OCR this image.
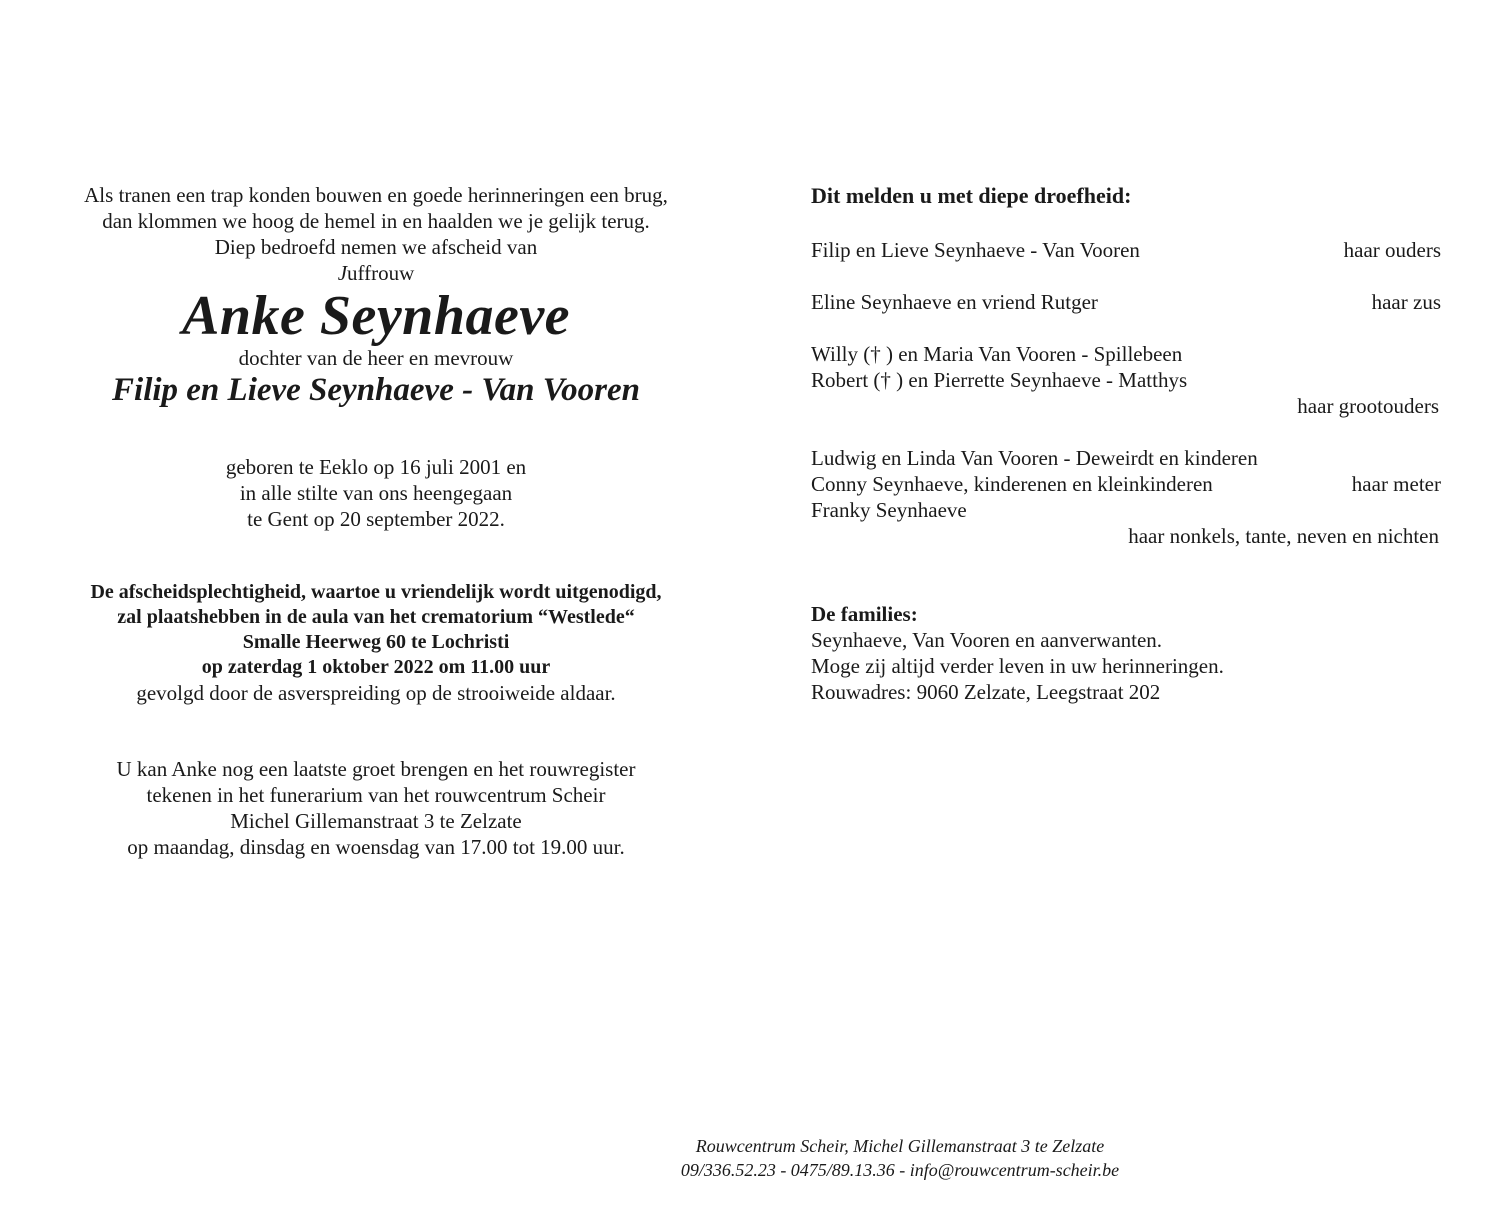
Als tranen een trap konden bouwen en goede herinneringen een brug,

dan klommen we hoog de hemel in en haalden we je gelijk terug.

Diep bedroefd nemen we afscheid van

Juffrouw

Anke Seynhaeve

dochter van de heer en mevrouw

Filip en Lieve Seynhaeve - Van Vooren

geboren te Eeklo op 16 juli 2001 en

in alle stilte van ons heengegaan

te Gent op 20 september 2022.

De afscheidsplechtigheid, waartoe u vriendelijk wordt uitgenodigd,

zal plaatshebben in de aula van het crematorium “Westlede“

Smalle Heerweg 60 te Lochristi

op zaterdag 1 oktober 2022 om 11.00 uur

gevolgd door de asverspreiding op de strooiweide aldaar.

U kan Anke nog een laatste groet brengen en het rouwregister

tekenen in het funerarium van het rouwcentrum Scheir

Michel Gillemanstraat 3 te Zelzate

op maandag, dinsdag en woensdag van 17.00 tot 19.00 uur.

Dit melden u met diepe droefheid:

Filip en Lieve Seynhaeve - Van Vooren	haar ouders
Eline Seynhaeve en vriend Rutger	haar zus

Willy († ) en Maria Van Vooren - Spillebeen

Robert († ) en Pierrette Seynhaeve - Matthys

haar grootouders

Ludwig en Linda Van Vooren - Deweirdt en kinderen

Conny Seynhaeve, kinderenen en kleinkinderen	haar meter

Franky Seynhaeve

haar nonkels, tante, neven en nichten

De families:

Seynhaeve, Van Vooren en aanverwanten.

Moge zij altijd verder leven in uw herinneringen.

Rouwadres: 9060 Zelzate, Leegstraat 202

Rouwcentrum Scheir, Michel Gillemanstraat 3 te Zelzate

09/336.52.23 - 0475/89.13.36 - info@rouwcentrum-scheir.be
